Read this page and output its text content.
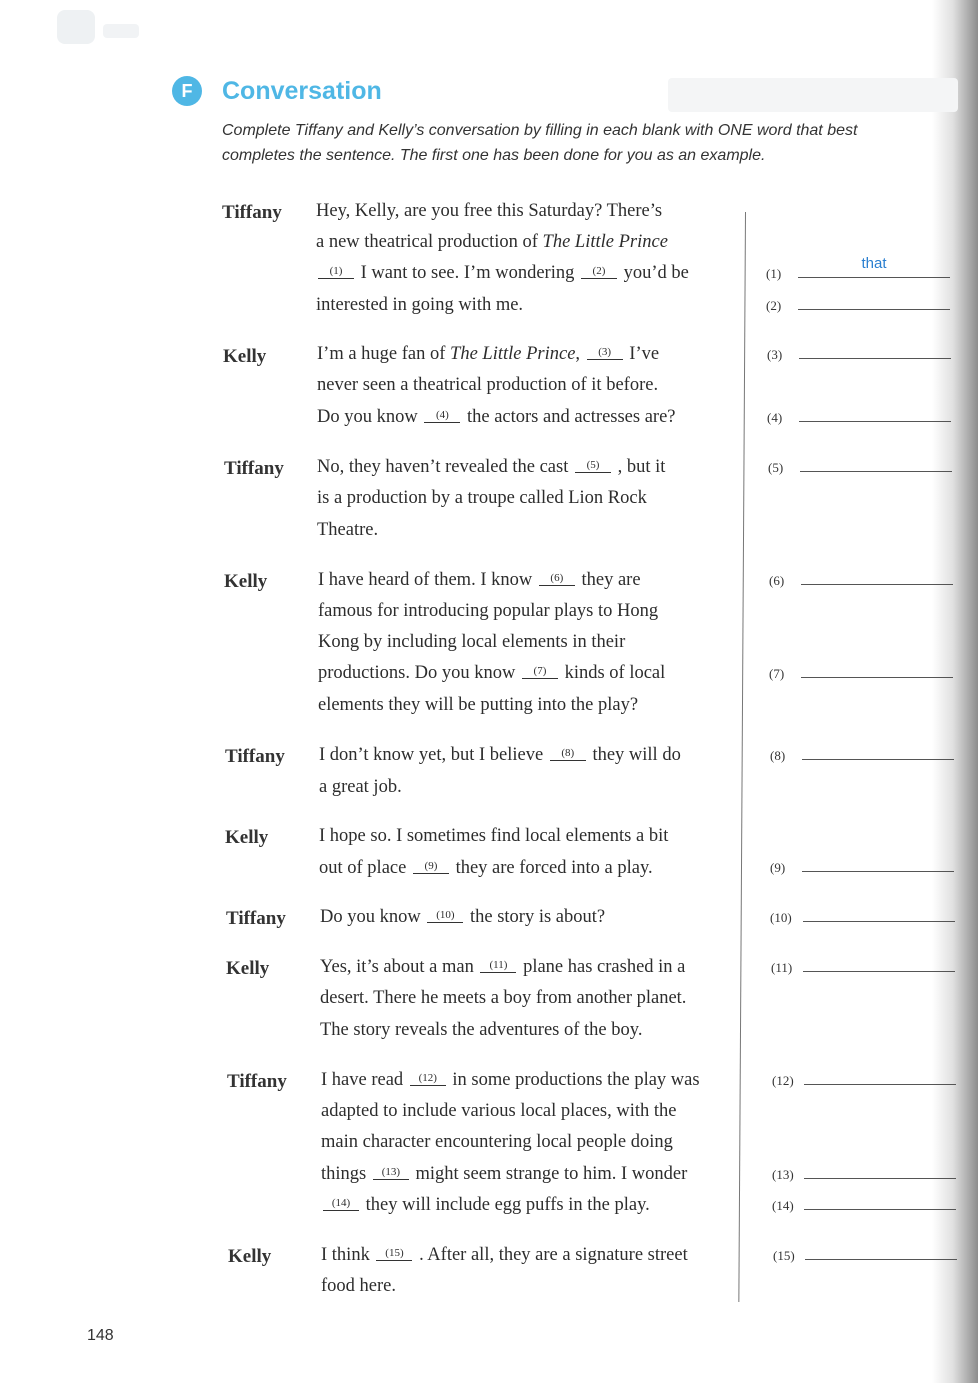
F	Conversation
Complete Tiffany and Kelly’s conversation by filling in each blank with ONE word that best completes the sentence. The first one has been done for you as an example.
Tiffany Hey, Kelly, are you free this Saturday? There’s
a new theatrical production of The Little Prince
(1) I want to see. I’m wondering (2) you’d be
interested in going with me.
Kelly	I’m a huge fan of The Little Prince, (3) I’ve
never seen a theatrical production of it before.
Do you know (4) the actors and actresses are?
Tiffany No, they haven’t revealed the cast (5) , but it
is a production by a troupe called Lion Rock
Theatre.
Kelly	I have heard of them. I know (6) they are
famous for introducing popular plays to Hong
Kong by including local elements in their
productions. Do you know (7) kinds of local
elements they will be putting into the play?
Tiffany I don’t know yet, but I believe (8) they will do
a great job.
Kelly	I hope so. I sometimes find local elements a bit
out of place (9) they are forced into a play.
Tiffany Do you know (10) the story is about?
Kelly	Yes, it’s about a man (11) plane has crashed in a
desert. There he meets a boy from another planet.
The story reveals the adventures of the boy.
Tiffany I have read (12) in some productions the play was
adapted to include various local places, with the
main character encountering local people doing
things (13) might seem strange to him. I wonder
(14) they will include egg puffs in the play.
Kelly	I think (15) . After all, they are a signature street
food here.
(1)
that
(2)
(3)
(4)
(5)
(6)
(7)
(8)
(9)
(10)
(11)
(12)
(13)
(14)
(15)
148
